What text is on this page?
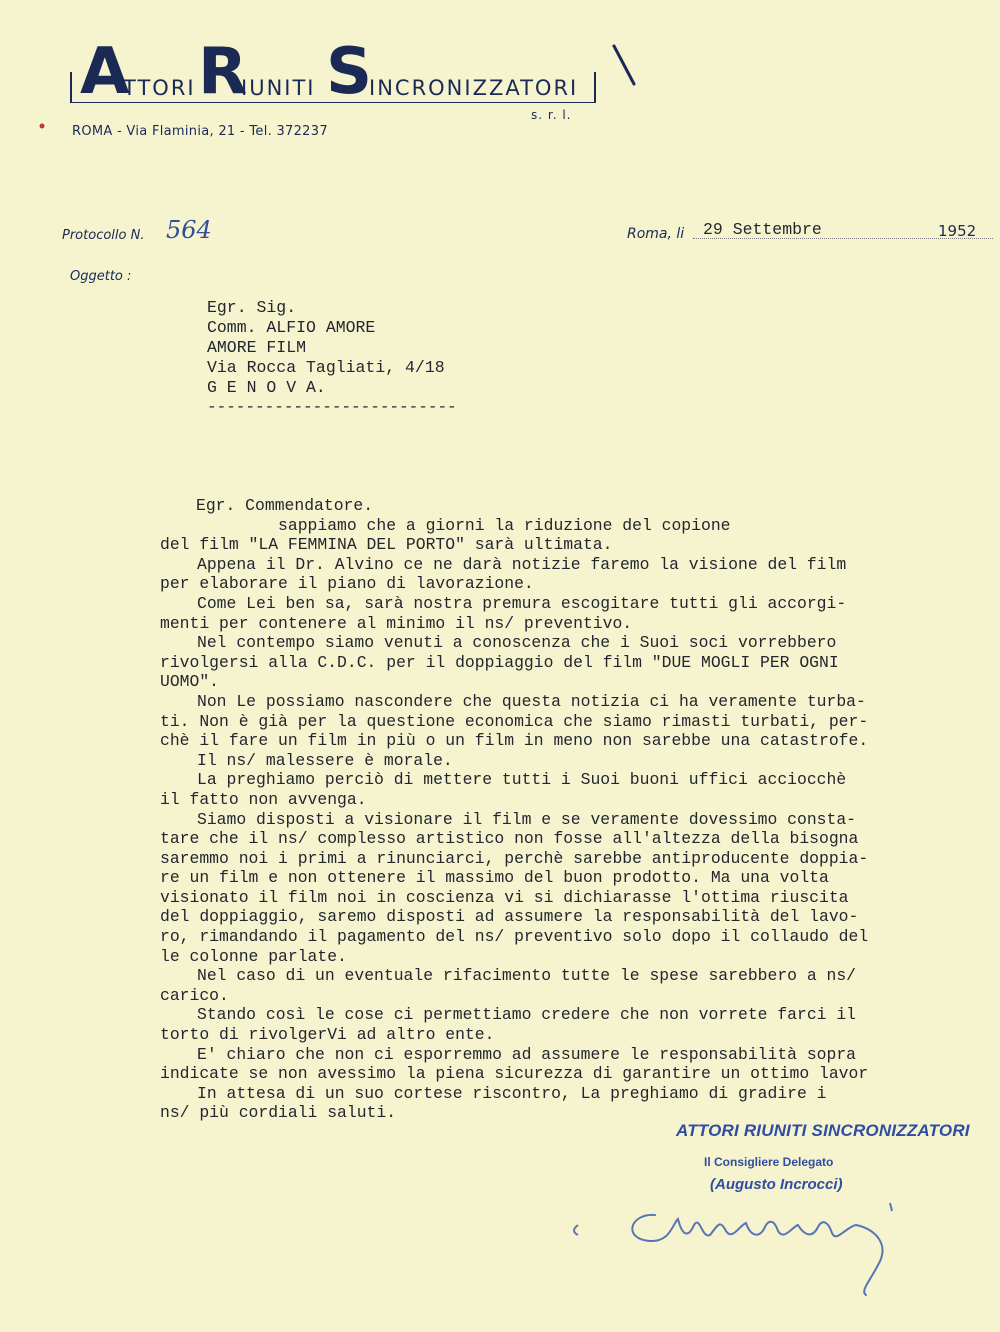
A
TTORI R
IUNITI S
INCRONIZZATORI
s. r. l.
ROMA - Via Flaminia, 21 - Tel. 372237
Protocollo N. 564	Roma, li 29 Settembre	1952
Oggetto :
Egr. Sig.
Comm. ALFIO AMORE
AMORE FILM
Via Rocca Tagliati, 4/18
G E N O V A.
--------------------------
Egr. Commendatore.
sappiamo che a giorni la riduzione del copione
del film "LA FEMMINA DEL PORTO" sarà ultimata.
Appena il Dr. Alvino ce ne darà notizie faremo la visione del film
per elaborare il piano di lavorazione.
Come Lei ben sa, sarà nostra premura escogitare tutti gli accorgi-
menti per contenere al minimo il ns/ preventivo.
Nel contempo siamo venuti a conoscenza che i Suoi soci vorrebbero
rivolgersi alla C.D.C. per il doppiaggio del film "DUE MOGLI PER OGNI
UOMO".
Non Le possiamo nascondere che questa notizia ci ha veramente turba-
ti. Non è già per la questione economica che siamo rimasti turbati, per-
chè il fare un film in più o un film in meno non sarebbe una catastrofe.
Il ns/ malessere è morale.
La preghiamo perciò di mettere tutti i Suoi buoni uffici acciocchè
il fatto non avvenga.
Siamo disposti a visionare il film e se veramente dovessimo consta-
tare che il ns/ complesso artistico non fosse all'altezza della bisogna
saremmo noi i primi a rinunciarci, perchè sarebbe antiproducente doppia-
re un film e non ottenere il massimo del buon prodotto. Ma una volta
visionato il film noi in coscienza vi si dichiarasse l'ottima riuscita
del doppiaggio, saremo disposti ad assumere la responsabilità del lavo-
ro, rimandando il pagamento del ns/ preventivo solo dopo il collaudo del
le colonne parlate.
Nel caso di un eventuale rifacimento tutte le spese sarebbero a ns/
carico.
Stando così le cose ci permettiamo credere che non vorrete farci il
torto di rivolgerVi ad altro ente.
E' chiaro che non ci esporremmo ad assumere le responsabilità sopra
indicate se non avessimo la piena sicurezza di garantire un ottimo lavor
In attesa di un suo cortese riscontro, La preghiamo di gradire i
ns/ più cordiali saluti.
ATTORI RIUNITI SINCRONIZZATORI
Il Consigliere Delegato
(Augusto Incrocci)
